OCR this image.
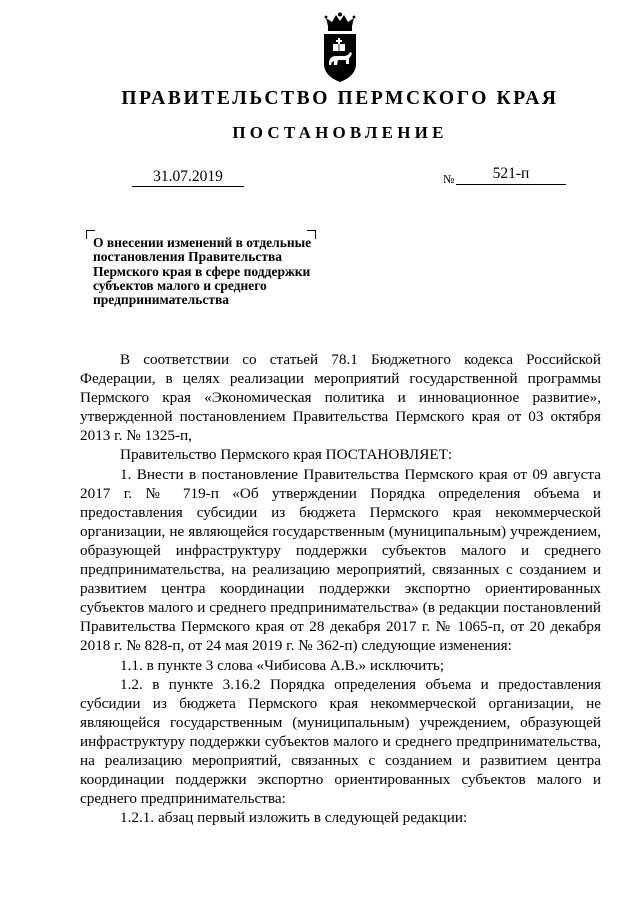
ПРАВИТЕЛЬСТВО ПЕРМСКОГО КРАЯ
ПОСТАНОВЛЕНИЕ
31.07.2019	№	521-п
О внесении изменений в отдельные
постановления Правительства
Пермского края в сфере поддержки
субъектов малого и среднего
предпринимательства

В соответствии со статьей 78.1 Бюджетного кодекса Российской Федерации, в целях реализации мероприятий государственной программы Пермского края «Экономическая политика и инновационное развитие», утвержденной постановлением Правительства Пермского края от 03 октября 2013 г. № 1325-п,

Правительство Пермского края ПОСТАНОВЛЯЕТ:

1. Внести в постановление Правительства Пермского края от 09 августа 2017 г. № 719-п «Об утверждении Порядка определения объема и предоставления субсидии из бюджета Пермского края некоммерческой организации, не являющейся государственным (муниципальным) учреждением, образующей инфраструктуру поддержки субъектов малого и среднего предпринимательства, на реализацию мероприятий, связанных с созданием и развитием центра координации поддержки экспортно ориентированных субъектов малого и среднего предпринимательства» (в редакции постановлений Правительства Пермского края от 28 декабря 2017 г. № 1065-п, от 20 декабря 2018 г. № 828-п, от 24 мая 2019 г. № 362-п) следующие изменения:

1.1. в пункте 3 слова «Чибисова А.В.» исключить;

1.2. в пункте 3.16.2 Порядка определения объема и предоставления субсидии из бюджета Пермского края некоммерческой организации, не являющейся государственным (муниципальным) учреждением, образующей инфраструктуру поддержки субъектов малого и среднего предпринимательства, на реализацию мероприятий, связанных с созданием и развитием центра координации поддержки экспортно ориентированных субъектов малого и среднего предпринимательства:

1.2.1. абзац первый изложить в следующей редакции:
